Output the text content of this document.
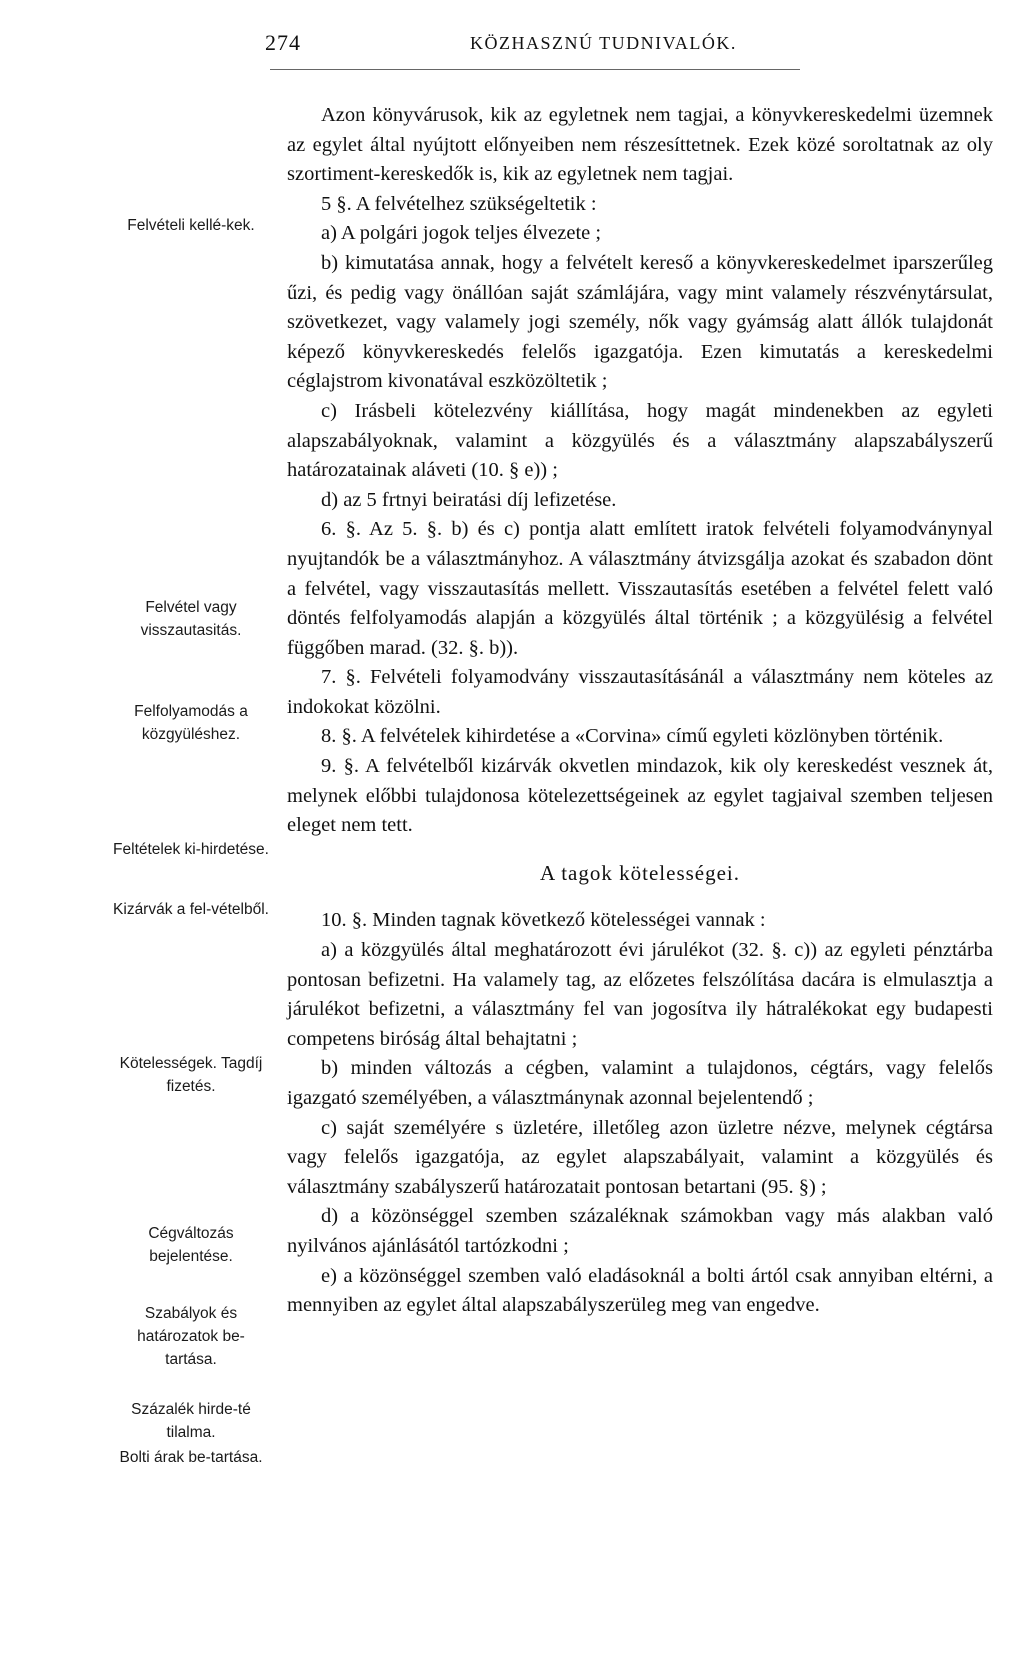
274	KÖZHASZNÚ TUDNIVALÓK.
Felvételi kellé-kek.
Felvétel vagy visszautasitás.
Felfolyamodás a közgyüléshez.
Feltételek ki-hirdetése.
Kizárvák a fel-vételből.
Kötelességek. Tagdíj fizetés.
Cégváltozás bejelentése.
Szabályok és határozatok be-tartása.
Százalék hirde-té tilalma.
Bolti árak be-tartása.

Azon könyvárusok, kik az egyletnek nem tagjai, a könyvkereskedelmi üzemnek az egylet által nyújtott előnyeiben nem részesíttetnek. Ezek közé soroltatnak az oly szortiment-kereskedők is, kik az egyletnek nem tagjai.

5 §. A felvételhez szükségeltetik :

a) A polgári jogok teljes élvezete ;

b) kimutatása annak, hogy a felvételt kereső a könyvkereskedelmet iparszerűleg űzi, és pedig vagy önállóan saját számlájára, vagy mint valamely részvénytársulat, szövetkezet, vagy valamely jogi személy, nők vagy gyámság alatt állók tulajdonát képező könyvkereskedés felelős igazgatója. Ezen kimutatás a kereskedelmi céglajstrom kivonatával eszközöltetik ;

c) Irásbeli kötelezvény kiállítása, hogy magát mindenekben az egyleti alapszabályoknak, valamint a közgyülés és a választmány alapszabályszerű határozatainak aláveti (10. § e)) ;

d) az 5 frtnyi beiratási díj lefizetése.

6. §. Az 5. §. b) és c) pontja alatt említett iratok felvételi folyamodványnyal nyujtandók be a választmányhoz. A választmány átvizsgálja azokat és szabadon dönt a felvétel, vagy visszautasítás mellett. Visszautasítás esetében a felvétel felett való döntés felfolyamodás alapján a közgyülés által történik ; a közgyülésig a felvétel függőben marad. (32. §. b)).

7. §. Felvételi folyamodvány visszautasításánál a választmány nem köteles az indokokat közölni.

8. §. A felvételek kihirdetése a «Corvina» című egyleti közlönyben történik.

9. §. A felvételből kizárvák okvetlen mindazok, kik oly kereskedést vesznek át, melynek előbbi tulajdonosa kötelezettségeinek az egylet tagjaival szemben teljesen eleget nem tett.

A tagok kötelességei.

10. §. Minden tagnak következő kötelességei vannak :

a) a közgyülés által meghatározott évi járulékot (32. §. c)) az egyleti pénztárba pontosan befizetni. Ha valamely tag, az előzetes felszólítása dacára is elmulasztja a járulékot befizetni, a választmány fel van jogosítva ily hátralékokat egy budapesti competens biróság által behajtatni ;

b) minden változás a cégben, valamint a tulajdonos, cégtárs, vagy felelős igazgató személyében, a választmánynak azonnal bejelentendő ;

c) saját személyére s üzletére, illetőleg azon üzletre nézve, melynek cégtársa vagy felelős igazgatója, az egylet alapszabályait, valamint a közgyülés és választmány szabályszerű határozatait pontosan betartani (95. §) ;

d) a közönséggel szemben százaléknak számokban vagy más alakban való nyilvános ajánlásától tartózkodni ;

e) a közönséggel szemben való eladásoknál a bolti ártól csak annyiban eltérni, a mennyiben az egylet által alapszabályszerüleg meg van engedve.
